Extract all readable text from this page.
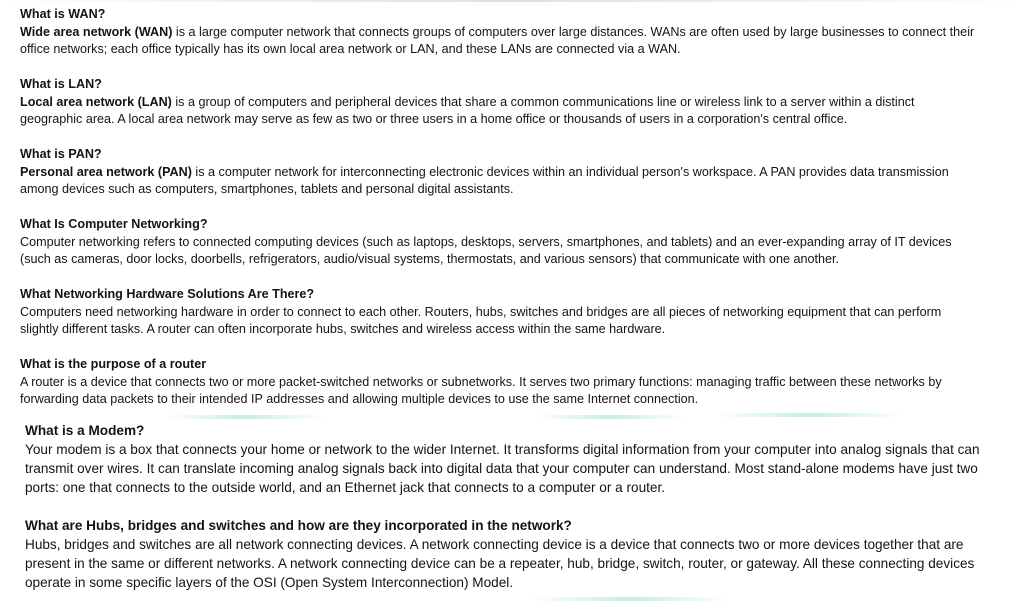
What is WAN?
Wide area network (WAN) is a large computer network that connects groups of computers over large distances. WANs are often used by large businesses to connect their office networks; each office typically has its own local area network or LAN, and these LANs are connected via a WAN.
What is LAN?
Local area network (LAN) is a group of computers and peripheral devices that share a common communications line or wireless link to a server within a distinct geographic area. A local area network may serve as few as two or three users in a home office or thousands of users in a corporation's central office.
What is PAN?
Personal area network (PAN) is a computer network for interconnecting electronic devices within an individual person's workspace. A PAN provides data transmission among devices such as computers, smartphones, tablets and personal digital assistants.
What Is Computer Networking?
Computer networking refers to connected computing devices (such as laptops, desktops, servers, smartphones, and tablets) and an ever-expanding array of IT devices (such as cameras, door locks, doorbells, refrigerators, audio/visual systems, thermostats, and various sensors) that communicate with one another.
What Networking Hardware Solutions Are There?
Computers need networking hardware in order to connect to each other. Routers, hubs, switches and bridges are all pieces of networking equipment that can perform slightly different tasks. A router can often incorporate hubs, switches and wireless access within the same hardware.
What is the purpose of a router
A router is a device that connects two or more packet-switched networks or subnetworks. It serves two primary functions: managing traffic between these networks by forwarding data packets to their intended IP addresses and allowing multiple devices to use the same Internet connection.
What is a Modem?
Your modem is a box that connects your home or network to the wider Internet. It transforms digital information from your computer into analog signals that can transmit over wires. It can translate incoming analog signals back into digital data that your computer can understand. Most stand-alone modems have just two ports: one that connects to the outside world, and an Ethernet jack that connects to a computer or a router.
What are Hubs, bridges and switches and how are they incorporated in the network?
Hubs, bridges and switches are all network connecting devices. A network connecting device is a device that connects two or more devices together that are present in the same or different networks. A network connecting device can be a repeater, hub, bridge, switch, router, or gateway. All these connecting devices operate in some specific layers of the OSI (Open System Interconnection) Model.
